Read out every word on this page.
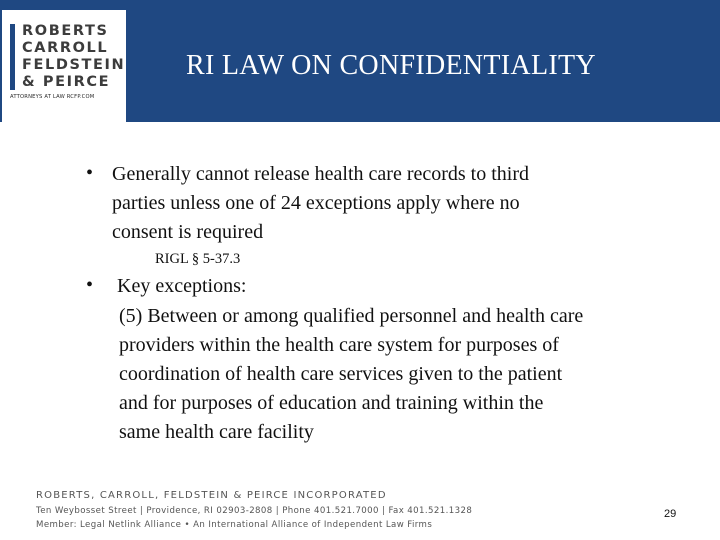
ROBERTS
CARROLL
FELDSTEIN
& PEIRCE
ATTORNEYS AT LAW RCFP.COM
RI LAW ON CONFIDENTIALITY
• Generally cannot release health care records to third
parties unless one of 24 exceptions apply where no
consent is required
RIGL § 5-37.3
• Key exceptions:
(5) Between or among qualified personnel and health care
providers within the health care system for purposes of
coordination of health care services given to the patient
and for purposes of education and training within the
same health care facility
ROBERTS, CARROLL, FELDSTEIN & PEIRCE INCORPORATED
Ten Weybosset Street | Providence, RI 02903-2808 | Phone 401.521.7000 | Fax 401.521.1328
Member: Legal Netlink Alliance • An International Alliance of Independent Law Firms
29
